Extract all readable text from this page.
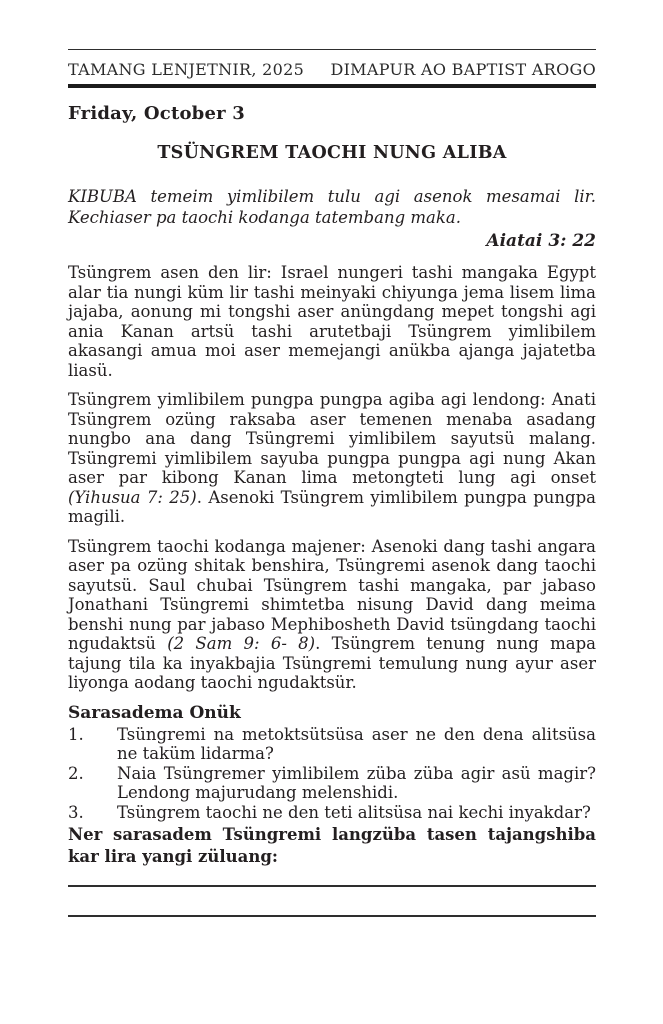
TAMANG LENJETNIR, 2025 DIMAPUR AO BAPTIST AROGO
Friday, October 3
TSÜNGREM TAOCHI NUNG ALIBA

KIBUBA temeim yimlibilem tulu agi asenok mesamai lir. Kechiaser pa taochi kodanga tatembang maka.

Aiatai 3: 22

Tsüngrem asen den lir: Israel nungeri tashi mangaka Egypt alar tia nungi küm lir tashi meinyaki chiyunga jema lisem lima jajaba, aonung mi tongshi aser anüngdang mepet tongshi agi ania Kanan artsü tashi arutetbaji Tsüngrem yimlibilem akasangi amua moi aser memejangi anükba ajanga jajatetba liasü.

Tsüngrem yimlibilem pungpa pungpa agiba agi lendong: Anati Tsüngrem ozüng raksaba aser temenen menaba asadang nungbo ana dang Tsüngremi yimlibilem sayutsü malang. Tsüngremi yimlibilem sayuba pungpa pungpa agi nung Akan aser par kibong Kanan lima metongteti lung agi onset (Yihusua 7: 25). Asenoki Tsüngrem yimlibilem pungpa pungpa magili.

Tsüngrem taochi kodanga majener: Asenoki dang tashi angara aser pa ozüng shitak benshira, Tsüngremi asenok dang taochi sayutsü. Saul chubai Tsüngrem tashi mangaka, par jabaso Jonathani Tsüngremi shimtetba nisung David dang meima benshi nung par jabaso Mephibosheth David tsüngdang taochi ngudaktsü (2 Sam 9: 6- 8). Tsüngrem tenung nung mapa tajung tila ka inyakbajia Tsüngremi temulung nung ayur aser liyonga aodang taochi ngudaktsür.

Sarasadema Onük
1.	Tsüngremi na metoktsütsüsa aser ne den dena alitsüsa ne taküm lidarma?
2.	Naia Tsüngremer yimlibilem züba züba agir asü magir? Lendong majurudang melenshidi.
3.	Tsüngrem taochi ne den teti alitsüsa nai kechi inyakdar?

Ner sarasadem Tsüngremi langzüba tasen tajangshiba kar lira yangi züluang:
